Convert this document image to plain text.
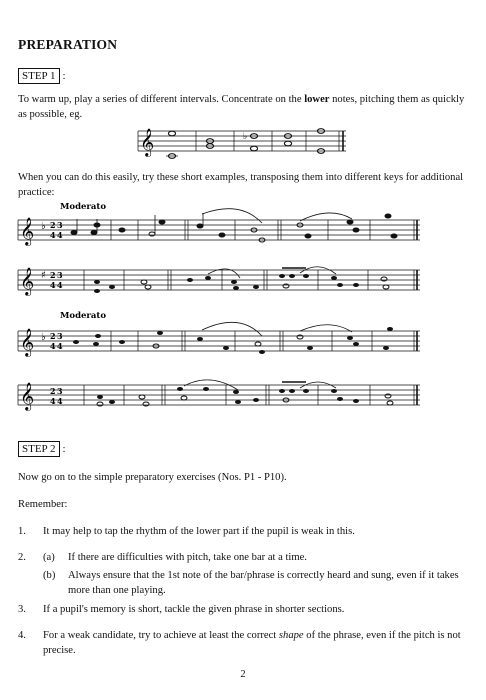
PREPARATION
STEP 1 :
To warm up, play a series of different intervals. Concentrate on the lower notes, pitching them as quickly as possible, eg.
𝄞	♭
Moderato
𝄞 ♭ 2
4
3
4
𝄞 ♯ 2
4
3
4
Moderato
𝄞 ♭ 2
4
3
4
𝄞 2
4
3
4
When you can do this easily, try these short examples, transposing them into different keys for additional practice:
STEP 2 :
Now go on to the simple preparatory exercises (Nos. P1 - P10).
Remember:
1. It may help to tap the rhythm of the lower part if the pupil is weak in this.
2. (a) If there are difficulties with pitch, take one bar at a time.
(b) Always ensure that the 1st note of the bar/phrase is correctly heard and sung, even if it takes more than one playing.
3. If a pupil's memory is short, tackle the given phrase in shorter sections.
4. For a weak candidate, try to achieve at least the correct shape of the phrase, even if the pitch is not precise.
2
